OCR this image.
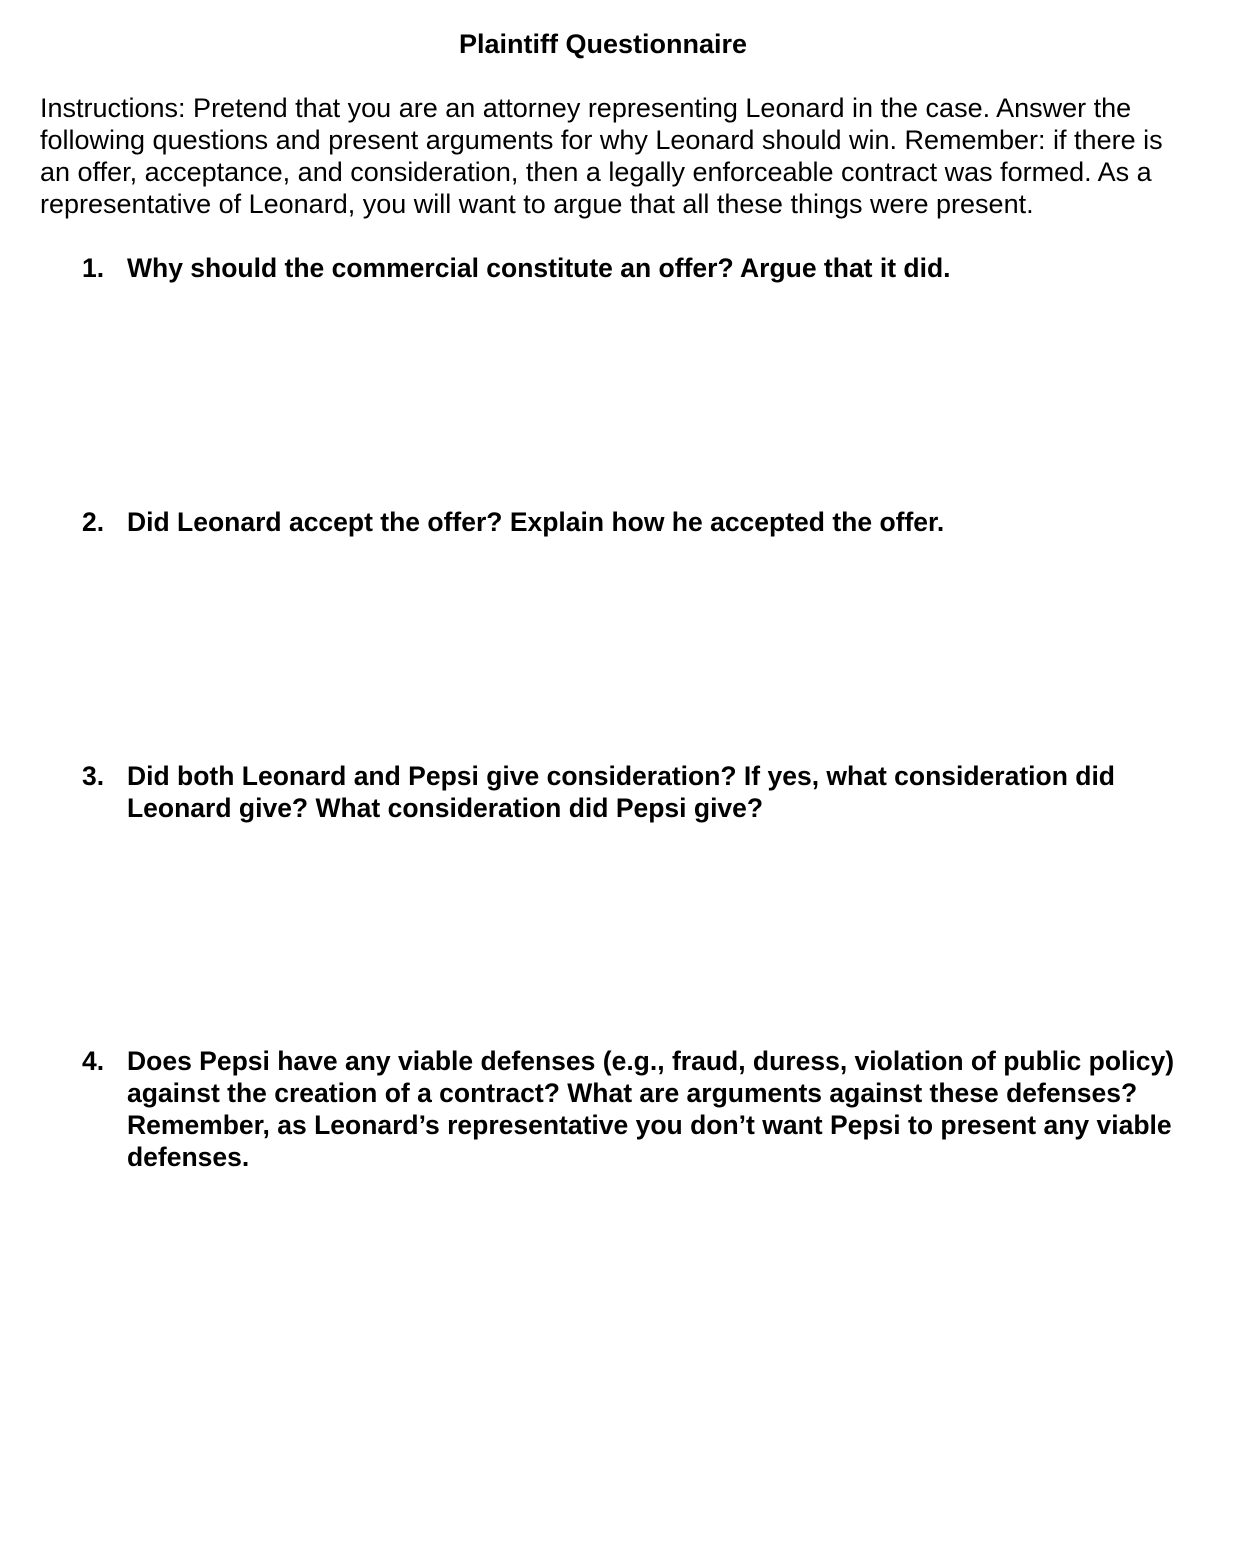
Plaintiff Questionnaire
Instructions: Pretend that you are an attorney representing Leonard in the case. Answer the following questions and present arguments for why Leonard should win. Remember: if there is an offer, acceptance, and consideration, then a legally enforceable contract was formed. As a representative of Leonard, you will want to argue that all these things were present.
1. Why should the commercial constitute an offer? Argue that it did.
2. Did Leonard accept the offer? Explain how he accepted the offer.
3. Did both Leonard and Pepsi give consideration? If yes, what consideration did Leonard give? What consideration did Pepsi give?
4. Does Pepsi have any viable defenses (e.g., fraud, duress, violation of public policy) against the creation of a contract? What are arguments against these defenses? Remember, as Leonard’s representative you don’t want Pepsi to present any viable defenses.
